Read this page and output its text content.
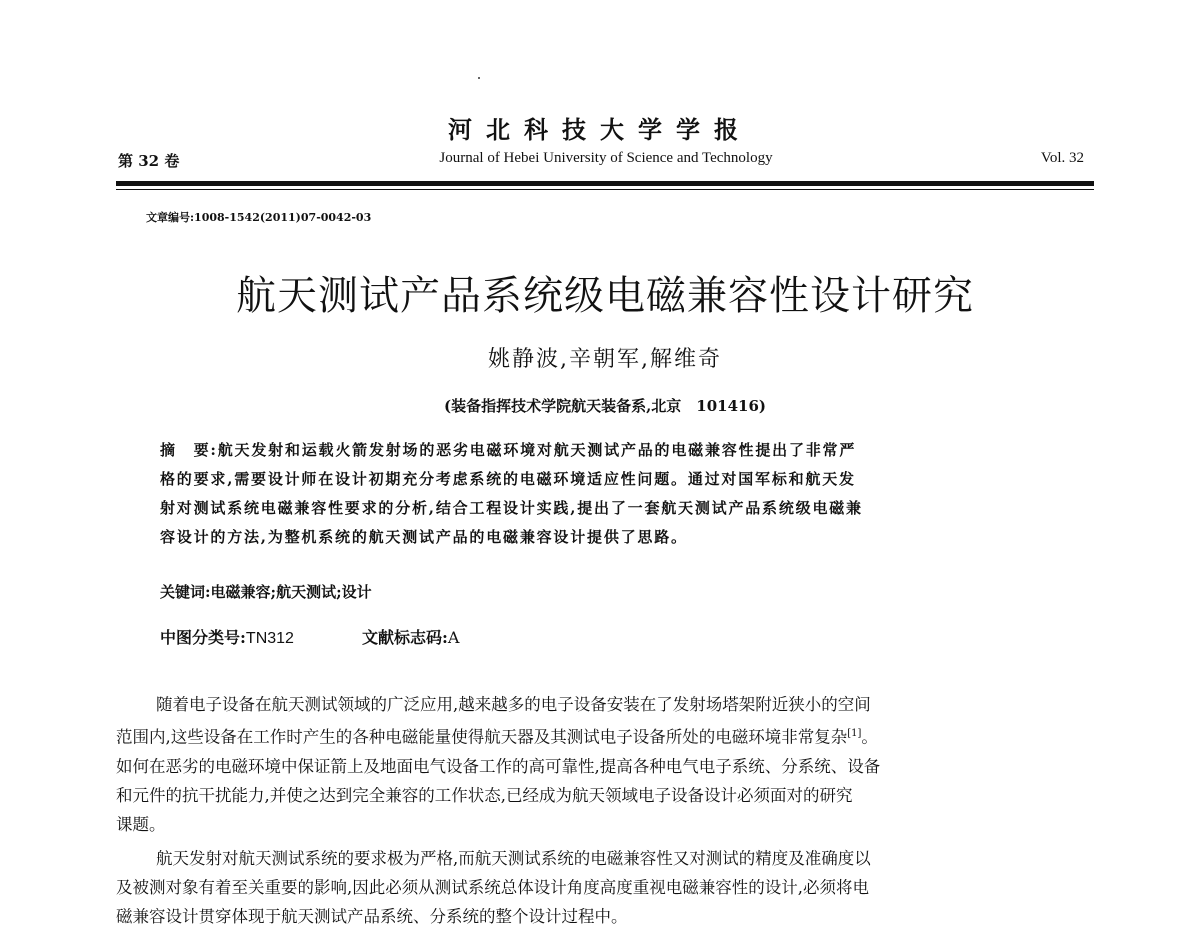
河北科技大学学报
第 32 卷	Journal of Hebei University of Science and Technology	Vol. 32
文章编号:1008-1542(2011)07-0042-03
航天测试产品系统级电磁兼容性设计研究
姚静波,辛朝军,解维奇
(装备指挥技术学院航天装备系,北京　101416)
摘　要:航天发射和运载火箭发射场的恶劣电磁环境对航天测试产品的电磁兼容性提出了非常严
格的要求,需要设计师在设计初期充分考虑系统的电磁环境适应性问题。通过对国军标和航天发
射对测试系统电磁兼容性要求的分析,结合工程设计实践,提出了一套航天测试产品系统级电磁兼
容设计的方法,为整机系统的航天测试产品的电磁兼容设计提供了思路。
关键词:电磁兼容;航天测试;设计
中图分类号:TN312	文献标志码:A

随着电子设备在航天测试领域的广泛应用,越来越多的电子设备安装在了发射场塔架附近狭小的空间
范围内,这些设备在工作时产生的各种电磁能量使得航天器及其测试电子设备所处的电磁环境非常复杂[1]。
如何在恶劣的电磁环境中保证箭上及地面电气设备工作的高可靠性,提高各种电气电子系统、分系统、设备
和元件的抗干扰能力,并使之达到完全兼容的工作状态,已经成为航天领域电子设备设计必须面对的研究
课题。

航天发射对航天测试系统的要求极为严格,而航天测试系统的电磁兼容性又对测试的精度及准确度以
及被测对象有着至关重要的影响,因此必须从测试系统总体设计角度高度重视电磁兼容性的设计,必须将电
磁兼容设计贯穿体现于航天测试产品系统、分系统的整个设计过程中。
